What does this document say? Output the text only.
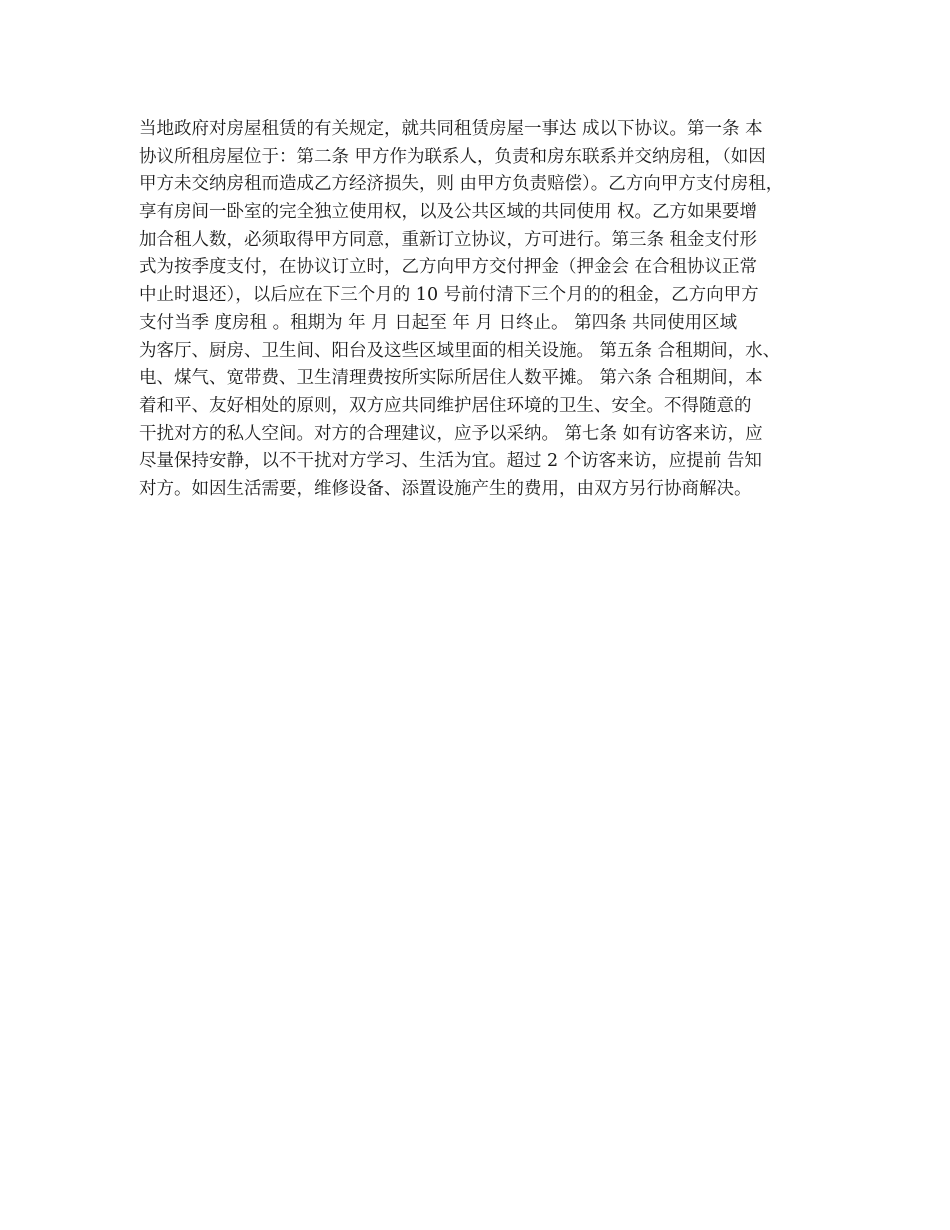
当地政府对房屋租赁的有关规定，就共同租赁房屋一事达 成以下协议。第一条 本
协议所租房屋位于：第二条 甲方作为联系人，负责和房东联系并交纳房租，（如因
甲方未交纳房租而造成乙方经济损失，则 由甲方负责赔偿）。乙方向甲方支付房租，
享有房间一卧室的完全独立使用权，以及公共区域的共同使用 权。乙方如果要增
加合租人数，必须取得甲方同意，重新订立协议，方可进行。第三条 租金支付形
式为按季度支付，在协议订立时，乙方向甲方交付押金（押金会 在合租协议正常
中止时退还），以后应在下三个月的 10 号前付清下三个月的的租金，乙方向甲方
支付当季 度房租 。租期为 年 月 日起至 年 月 日终止。 第四条 共同使用区域
为客厅、厨房、卫生间、阳台及这些区域里面的相关设施。 第五条 合租期间，水、
电、煤气、宽带费、卫生清理费按所实际所居住人数平摊。 第六条 合租期间，本
着和平、友好相处的原则，双方应共同维护居住环境的卫生、安全。不得随意的
干扰对方的私人空间。对方的合理建议，应予以采纳。 第七条 如有访客来访，应
尽量保持安静，以不干扰对方学习、生活为宜。超过 2 个访客来访，应提前 告知
对方。如因生活需要，维修设备、添置设施产生的费用，由双方另行协商解决。
